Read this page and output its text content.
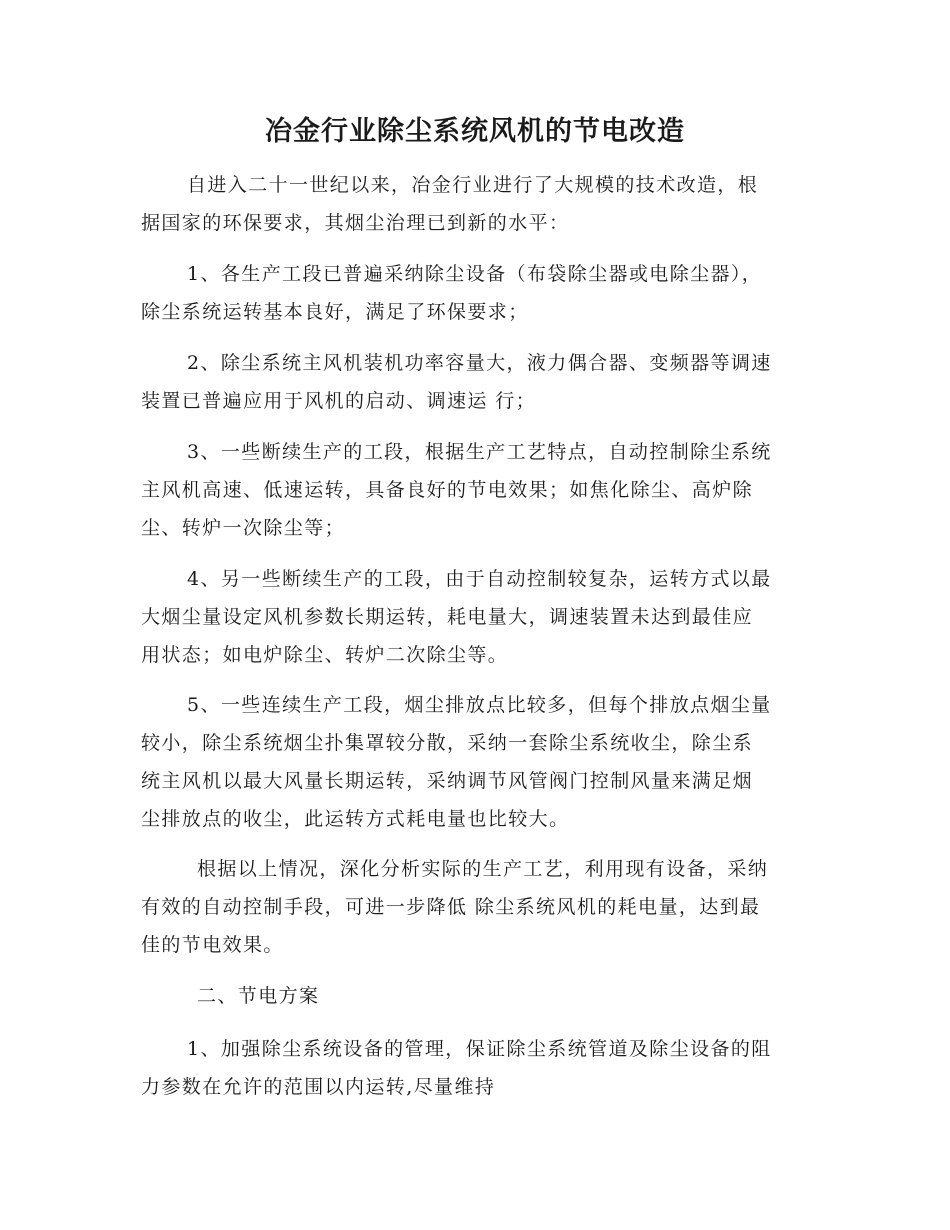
冶金行业除尘系统风机的节电改造

自进入二十一世纪以来，冶金行业进行了大规模的技术改造，根
据国家的环保要求，其烟尘治理已到新的水平：

1、各生产工段已普遍采纳除尘设备（布袋除尘器或电除尘器），
除尘系统运转基本良好，满足了环保要求；

2、除尘系统主风机装机功率容量大，液力偶合器、变频器等调速
装置已普遍应用于风机的启动、调速运 行；

3、一些断续生产的工段，根据生产工艺特点，自动控制除尘系统
主风机高速、低速运转，具备良好的节电效果；如焦化除尘、高炉除
尘、转炉一次除尘等；

4、另一些断续生产的工段，由于自动控制较复杂，运转方式以最
大烟尘量设定风机参数长期运转，耗电量大，调速装置未达到最佳应
用状态；如电炉除尘、转炉二次除尘等。

5、一些连续生产工段，烟尘排放点比较多，但每个排放点烟尘量
较小，除尘系统烟尘扑集罩较分散，采纳一套除尘系统收尘，除尘系
统主风机以最大风量长期运转，采纳调节风管阀门控制风量来满足烟
尘排放点的收尘，此运转方式耗电量也比较大。

根据以上情况，深化分析实际的生产工艺，利用现有设备，采纳
有效的自动控制手段，可进一步降低 除尘系统风机的耗电量，达到最
佳的节电效果。

二、节电方案

1、加强除尘系统设备的管理，保证除尘系统管道及除尘设备的阻
力参数在允许的范围以内运转,尽量维持
